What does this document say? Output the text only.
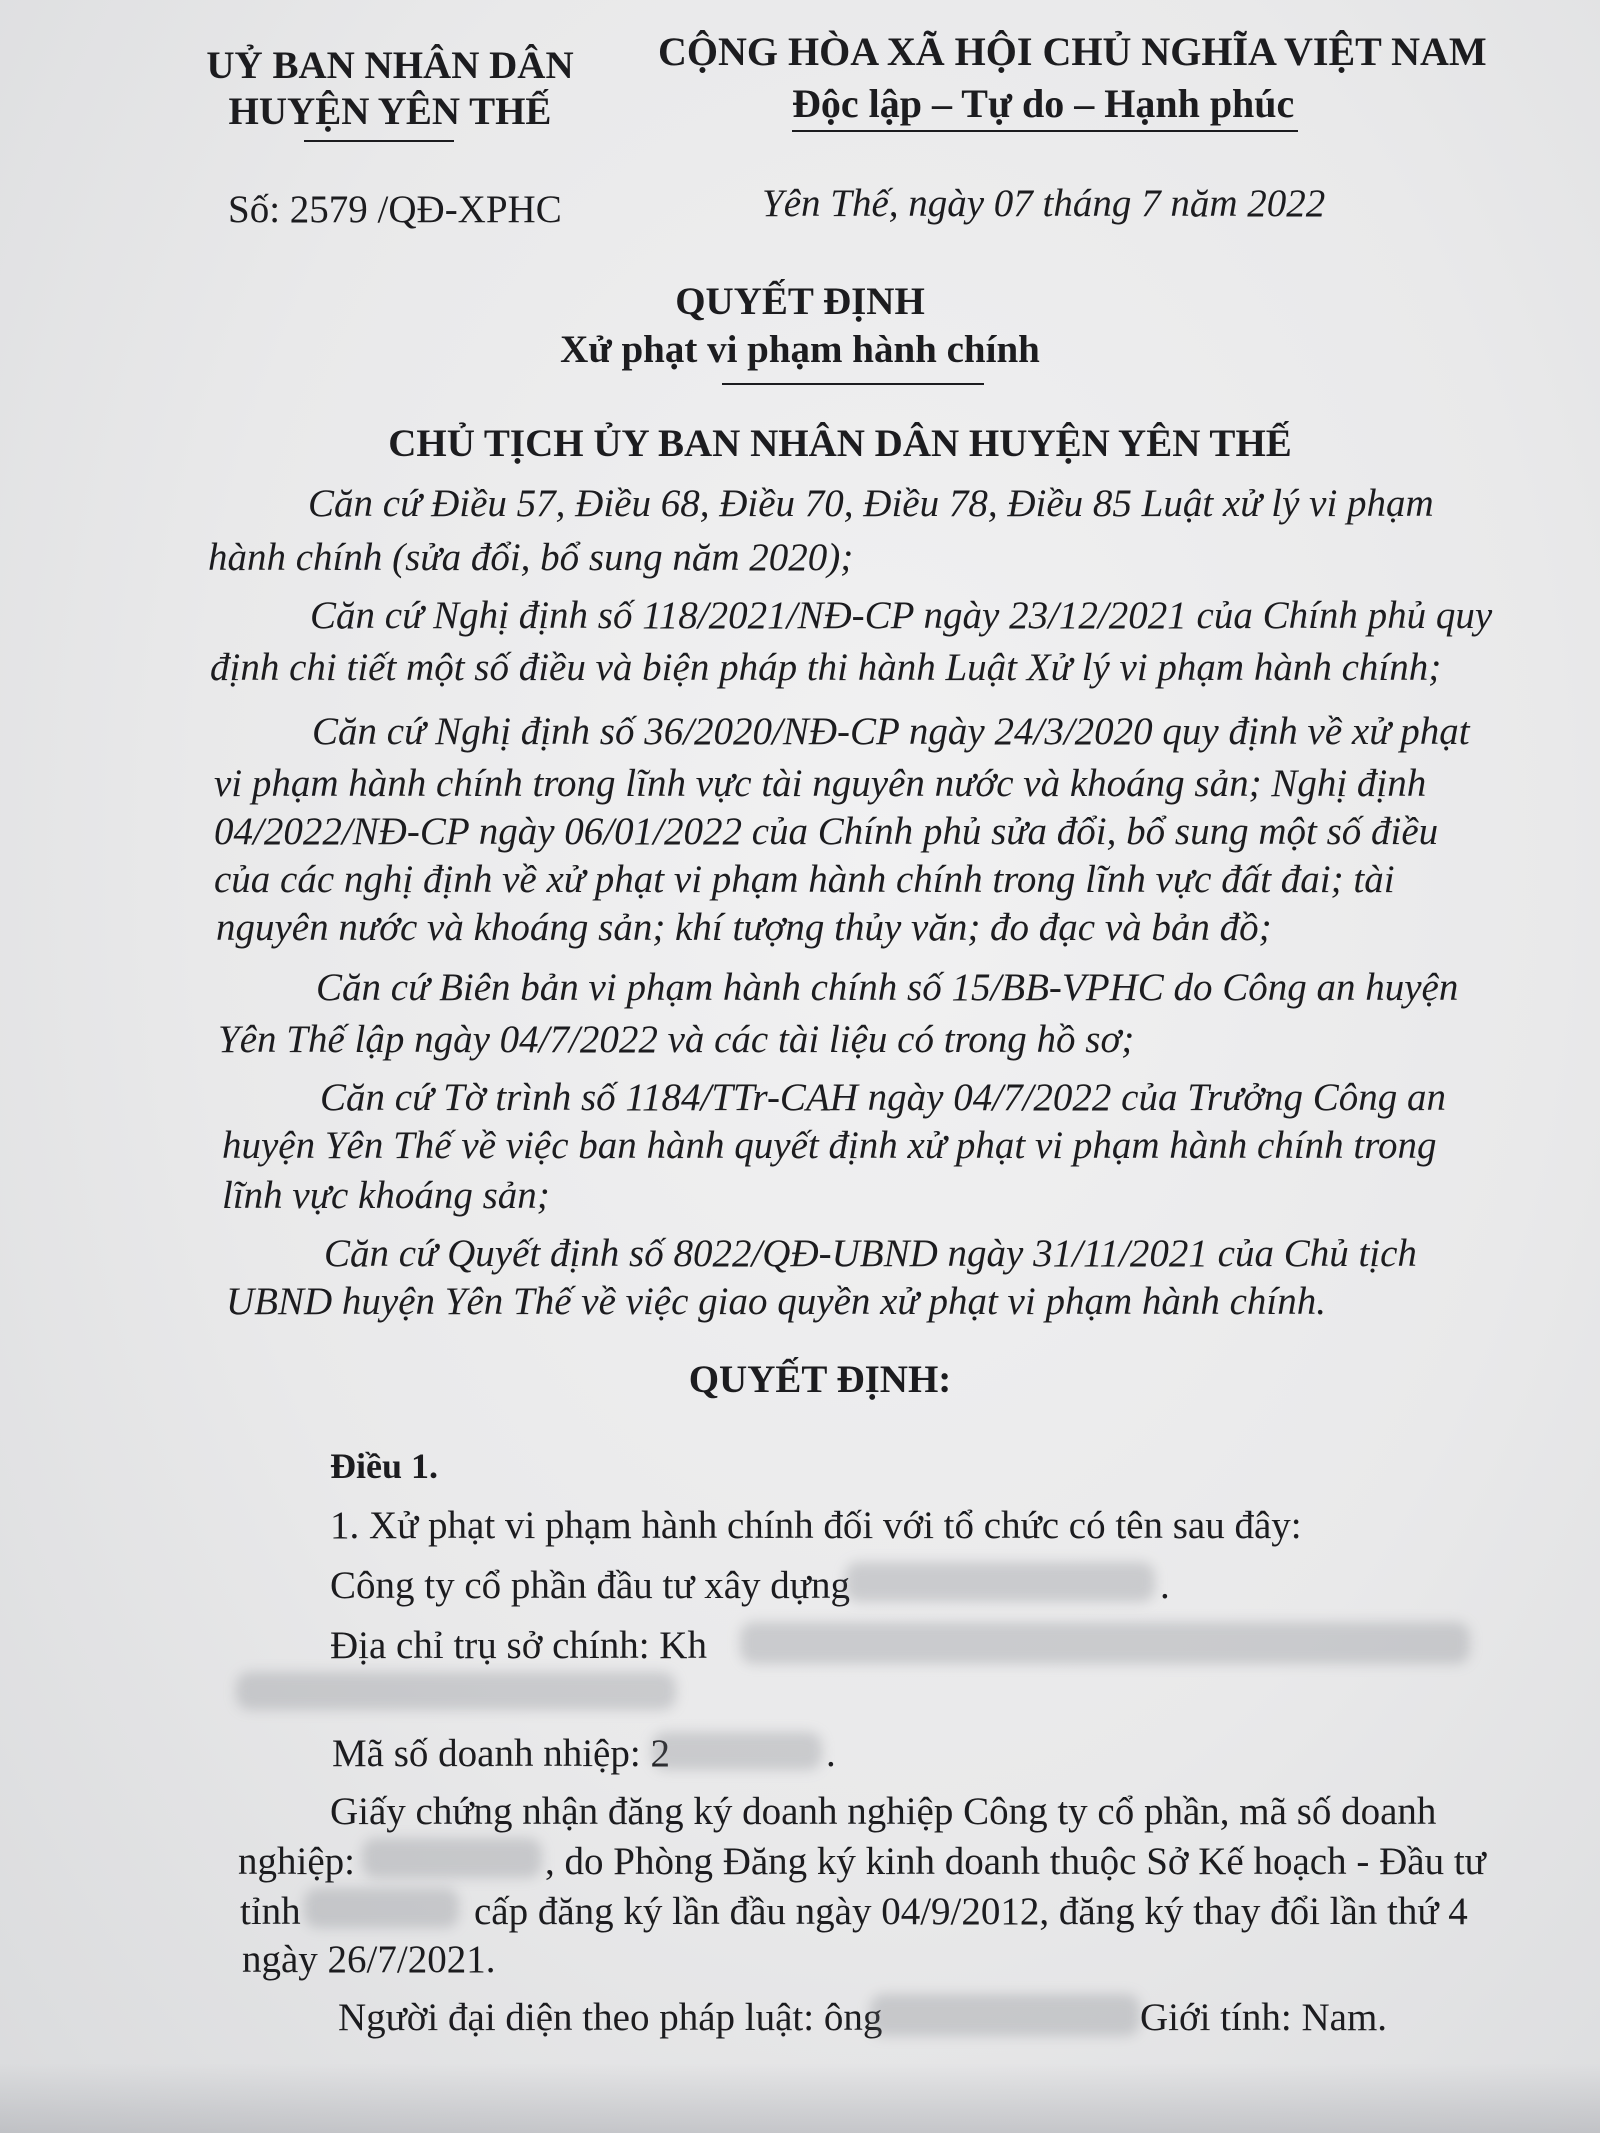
UỶ BAN NHÂN DÂN
HUYỆN YÊN THẾ
CỘNG HÒA XÃ HỘI CHỦ NGHĨA VIỆT NAM
Độc lập – Tự do – Hạnh phúc
Số: 2579 /QĐ-XPHC	Yên Thế, ngày 07 tháng 7 năm 2022
QUYẾT ĐỊNH
Xử phạt vi phạm hành chính
CHỦ TỊCH ỦY BAN NHÂN DÂN HUYỆN YÊN THẾ
Căn cứ Điều 57, Điều 68, Điều 70, Điều 78, Điều 85 Luật xử lý vi phạm
hành chính (sửa đổi, bổ sung năm 2020);
Căn cứ Nghị định số 118/2021/NĐ-CP ngày 23/12/2021 của Chính phủ quy
định chi tiết một số điều và biện pháp thi hành Luật Xử lý vi phạm hành chính;
Căn cứ Nghị định số 36/2020/NĐ-CP ngày 24/3/2020 quy định về xử phạt
vi phạm hành chính trong lĩnh vực tài nguyên nước và khoáng sản; Nghị định
04/2022/NĐ-CP ngày 06/01/2022 của Chính phủ sửa đổi, bổ sung một số điều
của các nghị định về xử phạt vi phạm hành chính trong lĩnh vực đất đai; tài
nguyên nước và khoáng sản; khí tượng thủy văn; đo đạc và bản đồ;
Căn cứ Biên bản vi phạm hành chính số 15/BB-VPHC do Công an huyện
Yên Thế lập ngày 04/7/2022 và các tài liệu có trong hồ sơ;
Căn cứ Tờ trình số 1184/TTr-CAH ngày 04/7/2022 của Trưởng Công an
huyện Yên Thế về việc ban hành quyết định xử phạt vi phạm hành chính trong
lĩnh vực khoáng sản;
Căn cứ Quyết định số 8022/QĐ-UBND ngày 31/11/2021 của Chủ tịch
UBND huyện Yên Thế về việc giao quyền xử phạt vi phạm hành chính.
QUYẾT ĐỊNH:
Điều 1.
1. Xử phạt vi phạm hành chính đối với tổ chức có tên sau đây:
Công ty cổ phần đầu tư xây dựng	.
Địa chỉ trụ sở chính: Kh
Mã số doanh nhiệp: 2	.
Giấy chứng nhận đăng ký doanh nghiệp Công ty cổ phần, mã số doanh
nghiệp:	, do Phòng Đăng ký kinh doanh thuộc Sở Kế hoạch - Đầu tư
tỉnh	cấp đăng ký lần đầu ngày 04/9/2012, đăng ký thay đổi lần thứ 4
ngày 26/7/2021.
Người đại diện theo pháp luật: ông	Giới tính: Nam.
